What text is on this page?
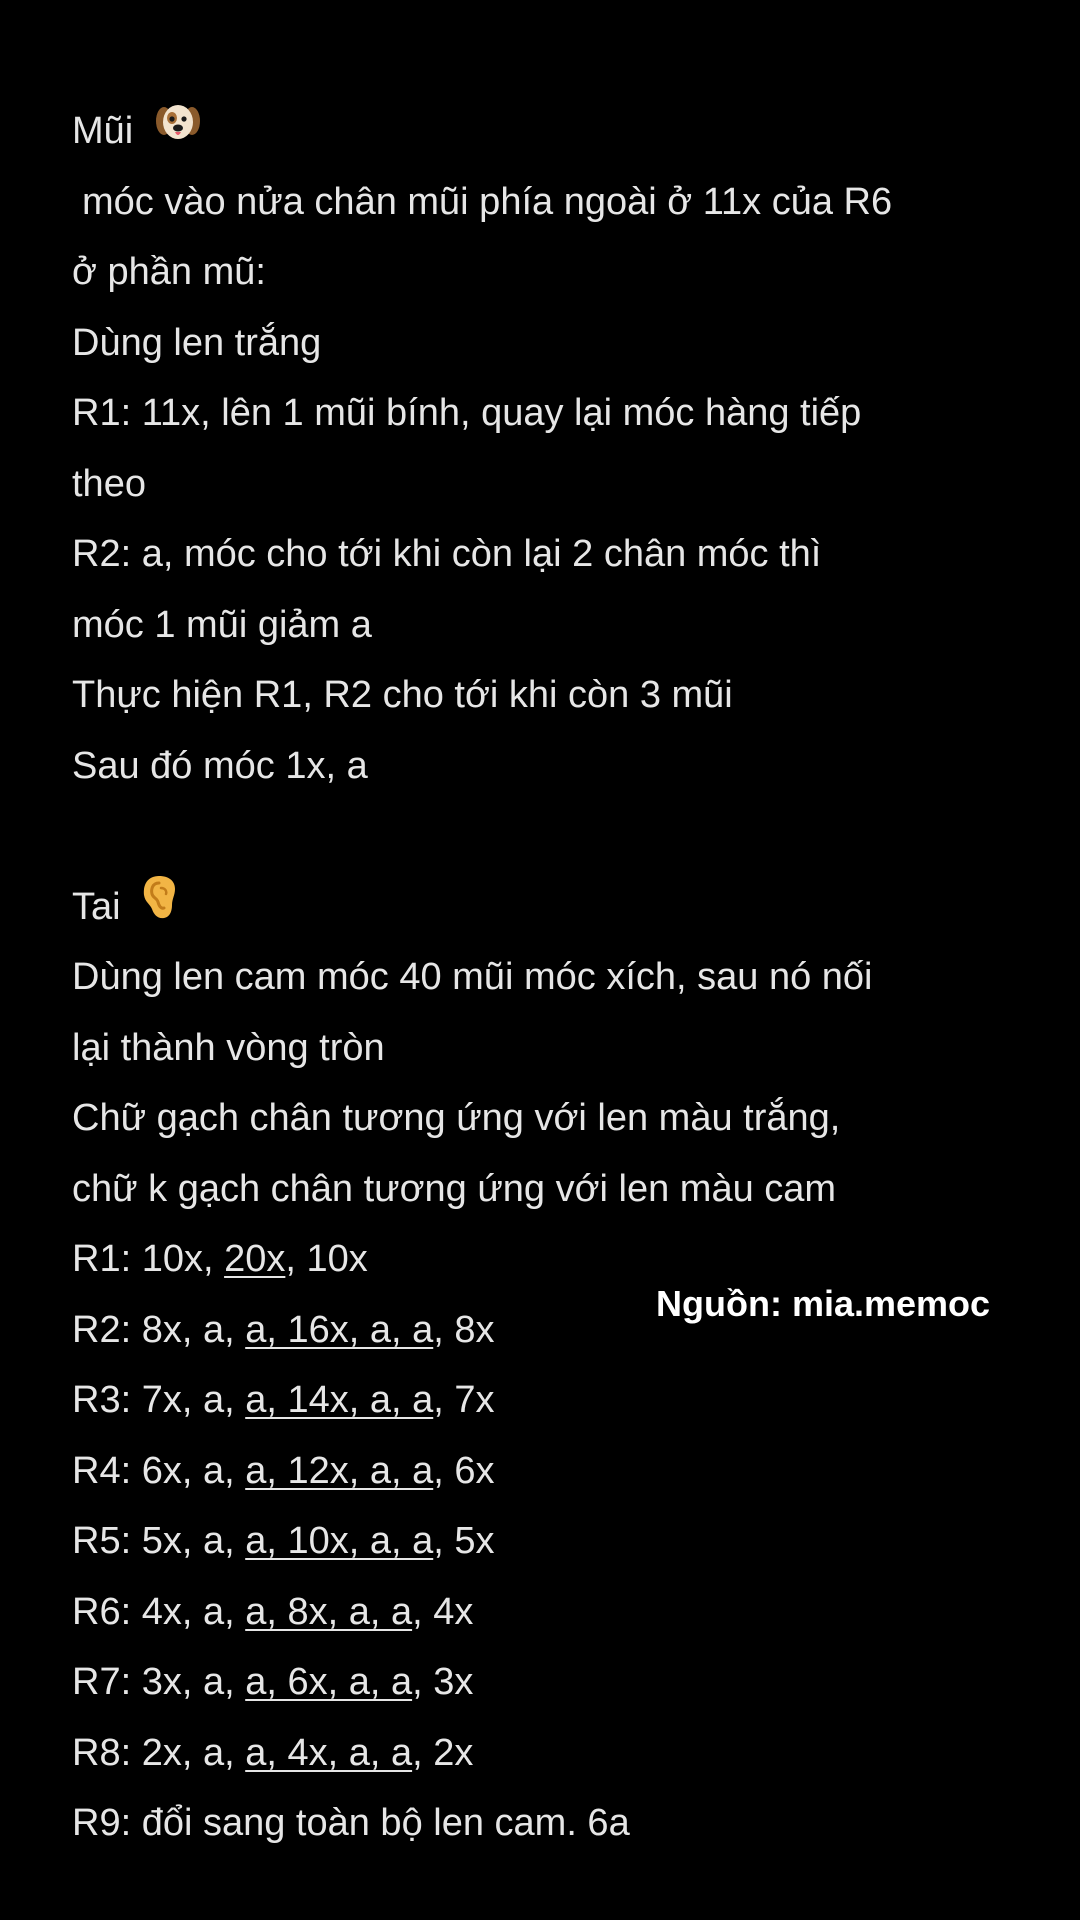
Mũi
móc vào nửa chân mũi phía ngoài ở 11x của R6
ở phần mũ:
Dùng len trắng
R1: 11x, lên 1 mũi bính, quay lại móc hàng tiếp
theo
R2: a, móc cho tới khi còn lại 2 chân móc thì
móc 1 mũi giảm a
Thực hiện R1, R2 cho tới khi còn 3 mũi
Sau đó móc 1x, a
Tai
Dùng len cam móc 40 mũi móc xích, sau nó nối
lại thành vòng tròn
Chữ gạch chân tương ứng với len màu trắng,
chữ k gạch chân tương ứng với len màu cam
R1: 10x, 20x, 10x
R2: 8x, a, a, 16x, a, a, 8x
R3: 7x, a, a, 14x, a, a, 7x
R4: 6x, a, a, 12x, a, a, 6x
R5: 5x, a, a, 10x, a, a, 5x
R6: 4x, a, a, 8x, a, a, 4x
R7: 3x, a, a, 6x, a, a, 3x
R8: 2x, a, a, 4x, a, a, 2x
R9: đổi sang toàn bộ len cam. 6a
Nguồn: mia.memoc
